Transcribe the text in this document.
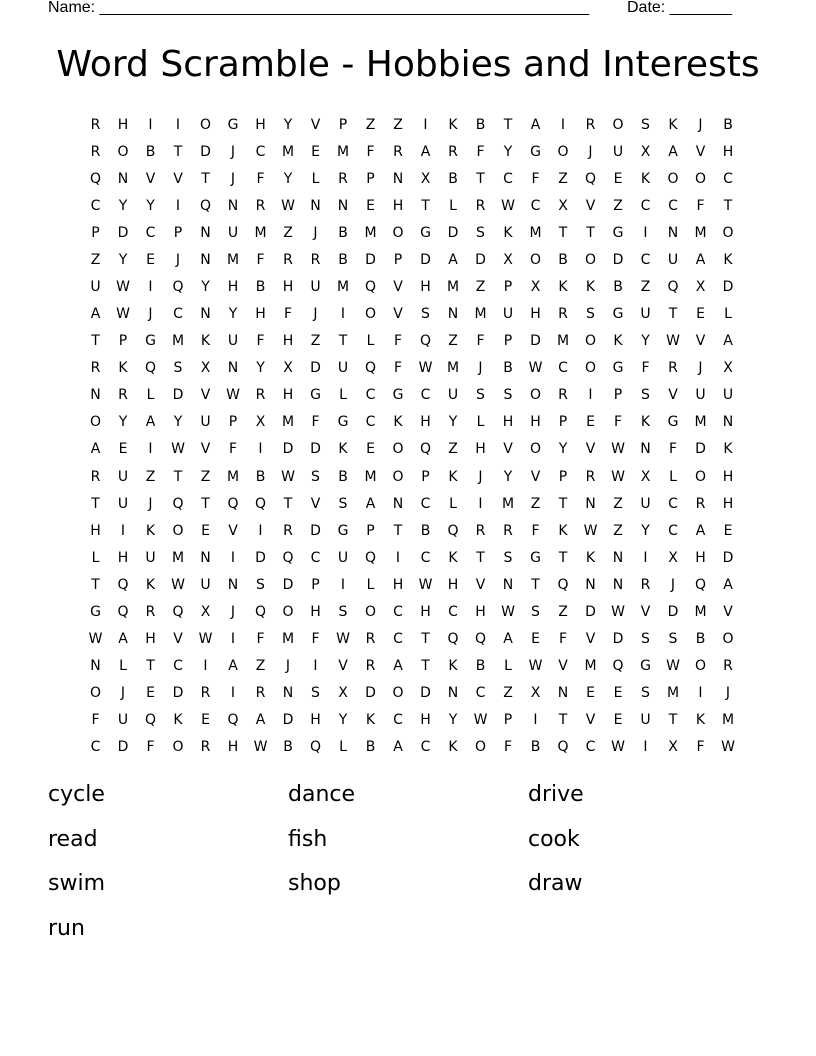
Name: _______________________________________________________ Date: _______
Word Scramble - Hobbies and Interests
R	H	I	I	O	G	H	Y	V	P	Z	Z	I	K	B	T	A	I	R	O	S	K	J	B
R	O	B	T	D	J	C	M	E	M	F	R	A	R	F	Y	G	O	J	U	X	A	V	H
Q	N	V	V	T	J	F	Y	L	R	P	N	X	B	T	C	F	Z	Q	E	K	O	O	C
C	Y	Y	I	Q	N	R	W	N	N	E	H	T	L	R	W	C	X	V	Z	C	C	F	T
P	D	C	P	N	U	M	Z	J	B	M	O	G	D	S	K	M	T	T	G	I	N	M	O
Z	Y	E	J	N	M	F	R	R	B	D	P	D	A	D	X	O	B	O	D	C	U	A	K
U	W	I	Q	Y	H	B	H	U	M	Q	V	H	M	Z	P	X	K	K	B	Z	Q	X	D
A	W	J	C	N	Y	H	F	J	I	O	V	S	N	M	U	H	R	S	G	U	T	E	L
T	P	G	M	K	U	F	H	Z	T	L	F	Q	Z	F	P	D	M	O	K	Y	W	V	A
R	K	Q	S	X	N	Y	X	D	U	Q	F	W	M	J	B	W	C	O	G	F	R	J	X
N	R	L	D	V	W	R	H	G	L	C	G	C	U	S	S	O	R	I	P	S	V	U	U
O	Y	A	Y	U	P	X	M	F	G	C	K	H	Y	L	H	H	P	E	F	K	G	M	N
A	E	I	W	V	F	I	D	D	K	E	O	Q	Z	H	V	O	Y	V	W	N	F	D	K
R	U	Z	T	Z	M	B	W	S	B	M	O	P	K	J	Y	V	P	R	W	X	L	O	H
T	U	J	Q	T	Q	Q	T	V	S	A	N	C	L	I	M	Z	T	N	Z	U	C	R	H
H	I	K	O	E	V	I	R	D	G	P	T	B	Q	R	R	F	K	W	Z	Y	C	A	E
L	H	U	M	N	I	D	Q	C	U	Q	I	C	K	T	S	G	T	K	N	I	X	H	D
T	Q	K	W	U	N	S	D	P	I	L	H	W	H	V	N	T	Q	N	N	R	J	Q	A
G	Q	R	Q	X	J	Q	O	H	S	O	C	H	C	H	W	S	Z	D	W	V	D	M	V
W	A	H	V	W	I	F	M	F	W	R	C	T	Q	Q	A	E	F	V	D	S	S	B	O
N	L	T	C	I	A	Z	J	I	V	R	A	T	K	B	L	W	V	M	Q	G	W	O	R
O	J	E	D	R	I	R	N	S	X	D	O	D	N	C	Z	X	N	E	E	S	M	I	J
F	U	Q	K	E	Q	A	D	H	Y	K	C	H	Y	W	P	I	T	V	E	U	T	K	M
C	D	F	O	R	H	W	B	Q	L	B	A	C	K	O	F	B	Q	C	W	I	X	F	W
cycle	dance	drive
read	fish	cook
swim	shop	draw
run
